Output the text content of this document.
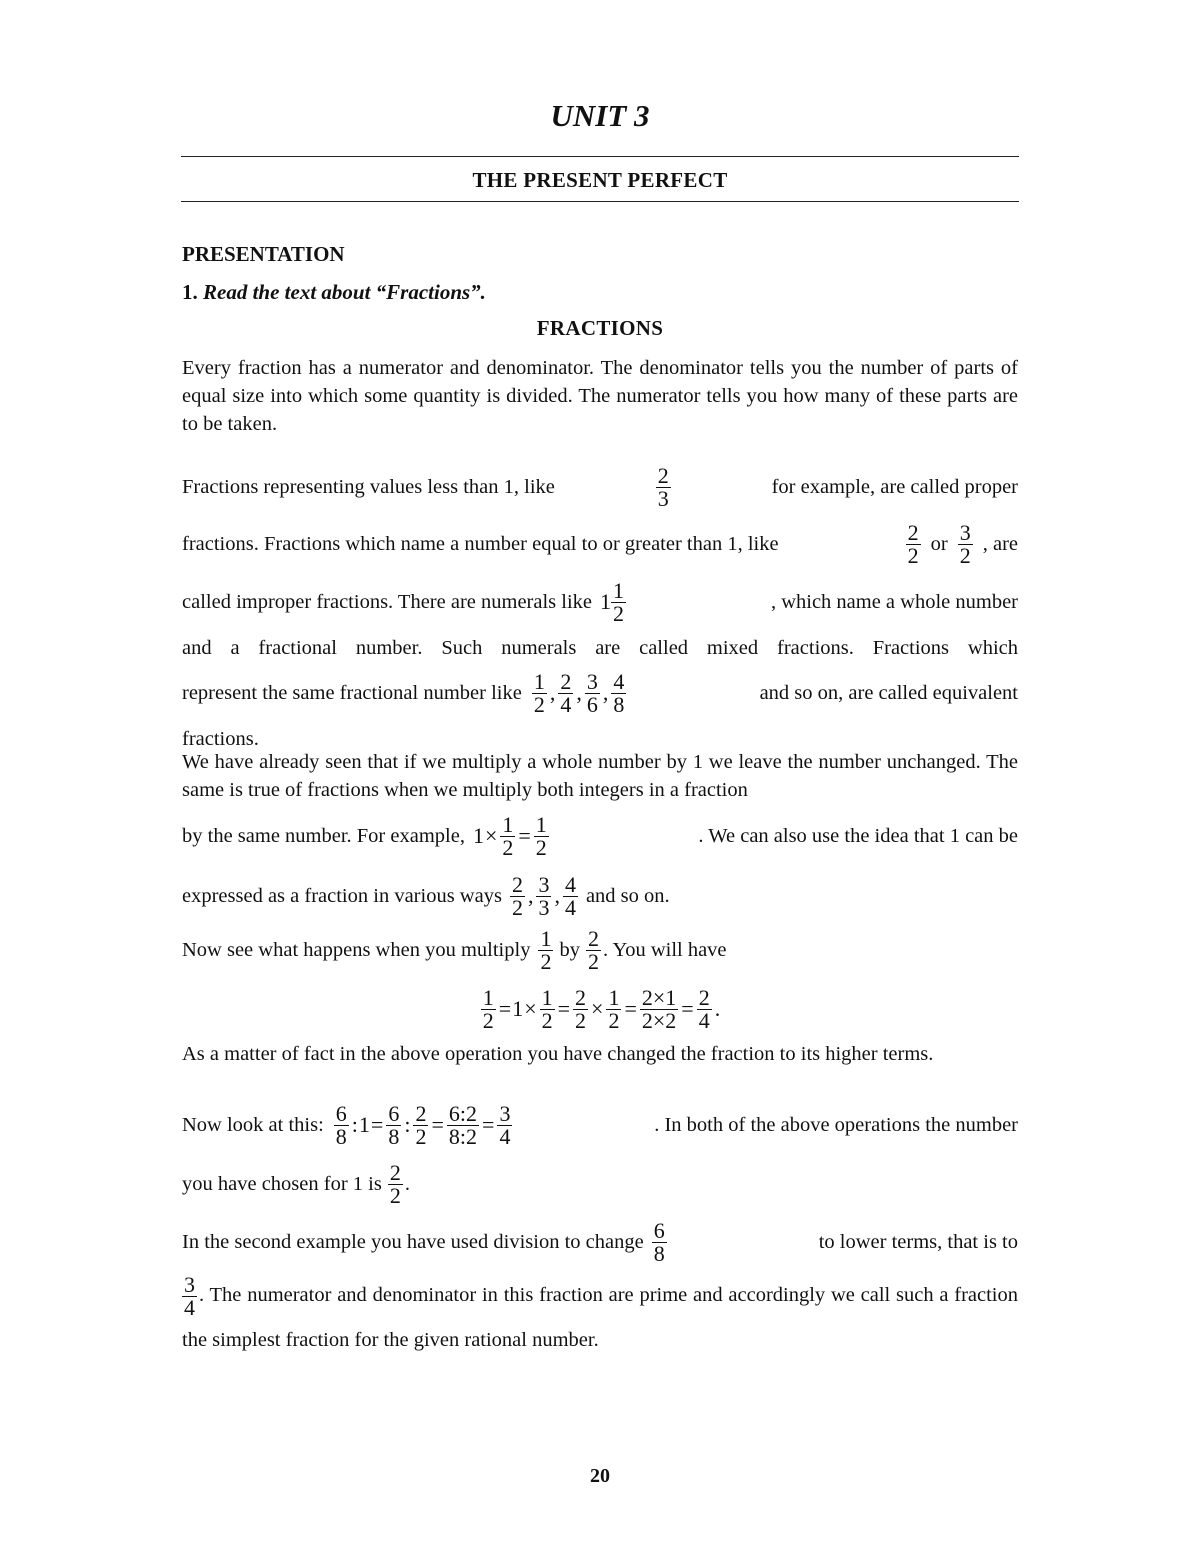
UNIT 3
THE PRESENT PERFECT
PRESENTATION
1. Read the text about “Fractions”.
FRACTIONS
Every fraction has a numerator and denominator. The denominator tells you the number of parts of equal size into which some quantity is divided. The numerator tells you how many of these parts are to be taken.
Fractions representing values less than 1, like	$\frac{2}{3}$	for example, are called proper
fractions. Fractions which name a number equal to or greater than 1, like	$\frac{2}{2}$ or $\frac{3}{2}$ , are
called improper fractions. There are numerals like $1 \frac{1}{2}$	, which name a whole number
and a fractional number. Such numerals are called mixed fractions. Fractions which
represent the same fractional number like $\frac{1}{2}$ , $\frac{2}{4}$ , $\frac{3}{6}$ , $\frac{4}{8}$	and so on, are called equivalent
fractions.
We have already seen that if we multiply a whole number by 1 we leave the number unchanged. The same is true of fractions when we multiply both integers in a fraction
by the same number. For example, $1 \times \frac{1}{2} = \frac{1}{2}$	. We can also use the idea that 1 can be
expressed as a fraction in various ways $\frac{2}{2}$ , $\frac{3}{3}$ , $\frac{4}{4}$ and so on.
Now see what happens when you multiply $\frac{1}{2}$ by $\frac{2}{2}$ . You will have
$\frac{1}{2} = 1 \times \frac{1}{2} = \frac{2}{2} \times \frac{1}{2} = \frac{2\times 1}{2\times 2} = \frac{2}{4}$ .
As a matter of fact in the above operation you have changed the fraction to its higher terms.
Now look at this: $\frac{6}{8}$ : $1 = \frac{6}{8}$ : $\frac{2}{2} = \frac{6:2}{8:2} = \frac{3}{4}$	. In both of the above operations the number
you have chosen for 1 is $\frac{2}{2}$ .
In the second example you have used division to change $\frac{6}{8}$	to lower terms, that is to
$\frac{3}{4}$ . The numerator and denominator in this fraction are prime and accordingly we call such a fraction the simplest fraction for the given rational number.
20
